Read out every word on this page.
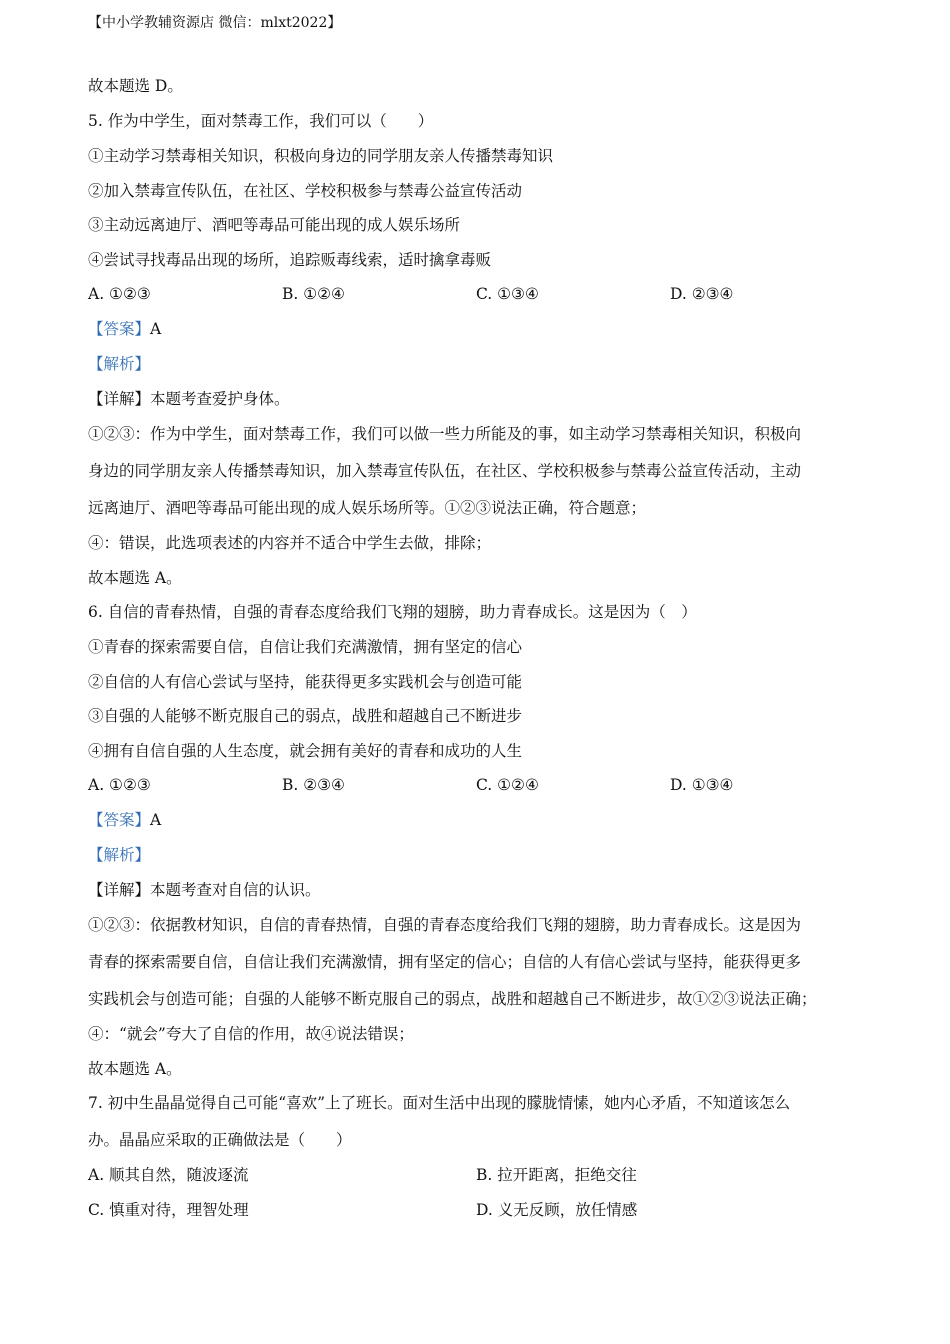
【中小学教辅资源店 微信：mlxt2022】
故本题选 D。
5. 作为中学生，面对禁毒工作，我们可以（　　）
①主动学习禁毒相关知识，积极向身边的同学朋友亲人传播禁毒知识
②加入禁毒宣传队伍，在社区、学校积极参与禁毒公益宣传活动
③主动远离迪厅、酒吧等毒品可能出现的成人娱乐场所
④尝试寻找毒品出现的场所，追踪贩毒线索，适时擒拿毒贩
A. ①②③	B. ①②④	C. ①③④	D. ②③④
【答案】A
【解析】
【详解】本题考查爱护身体。
①②③：作为中学生，面对禁毒工作，我们可以做一些力所能及的事，如主动学习禁毒相关知识，积极向
身边的同学朋友亲人传播禁毒知识，加入禁毒宣传队伍，在社区、学校积极参与禁毒公益宣传活动，主动
远离迪厅、酒吧等毒品可能出现的成人娱乐场所等。①②③说法正确，符合题意；
④：错误，此选项表述的内容并不适合中学生去做，排除；
故本题选 A。
6. 自信的青春热情，自强的青春态度给我们飞翔的翅膀，助力青春成长。这是因为（　）
①青春的探索需要自信，自信让我们充满激情，拥有坚定的信心
②自信的人有信心尝试与坚持，能获得更多实践机会与创造可能
③自强的人能够不断克服自己的弱点，战胜和超越自己不断进步
④拥有自信自强的人生态度，就会拥有美好的青春和成功的人生
A. ①②③	B. ②③④	C. ①②④	D. ①③④
【答案】A
【解析】
【详解】本题考查对自信的认识。
①②③：依据教材知识，自信的青春热情，自强的青春态度给我们飞翔的翅膀，助力青春成长。这是因为
青春的探索需要自信，自信让我们充满激情，拥有坚定的信心；自信的人有信心尝试与坚持，能获得更多
实践机会与创造可能；自强的人能够不断克服自己的弱点，战胜和超越自己不断进步，故①②③说法正确；
④：“就会”夸大了自信的作用，故④说法错误；
故本题选 A。
7. 初中生晶晶觉得自己可能“喜欢”上了班长。面对生活中出现的朦胧情愫，她内心矛盾，不知道该怎么
办。晶晶应采取的正确做法是（　　）
A. 顺其自然，随波逐流	B. 拉开距离，拒绝交往
C. 慎重对待，理智处理	D. 义无反顾，放任情感
